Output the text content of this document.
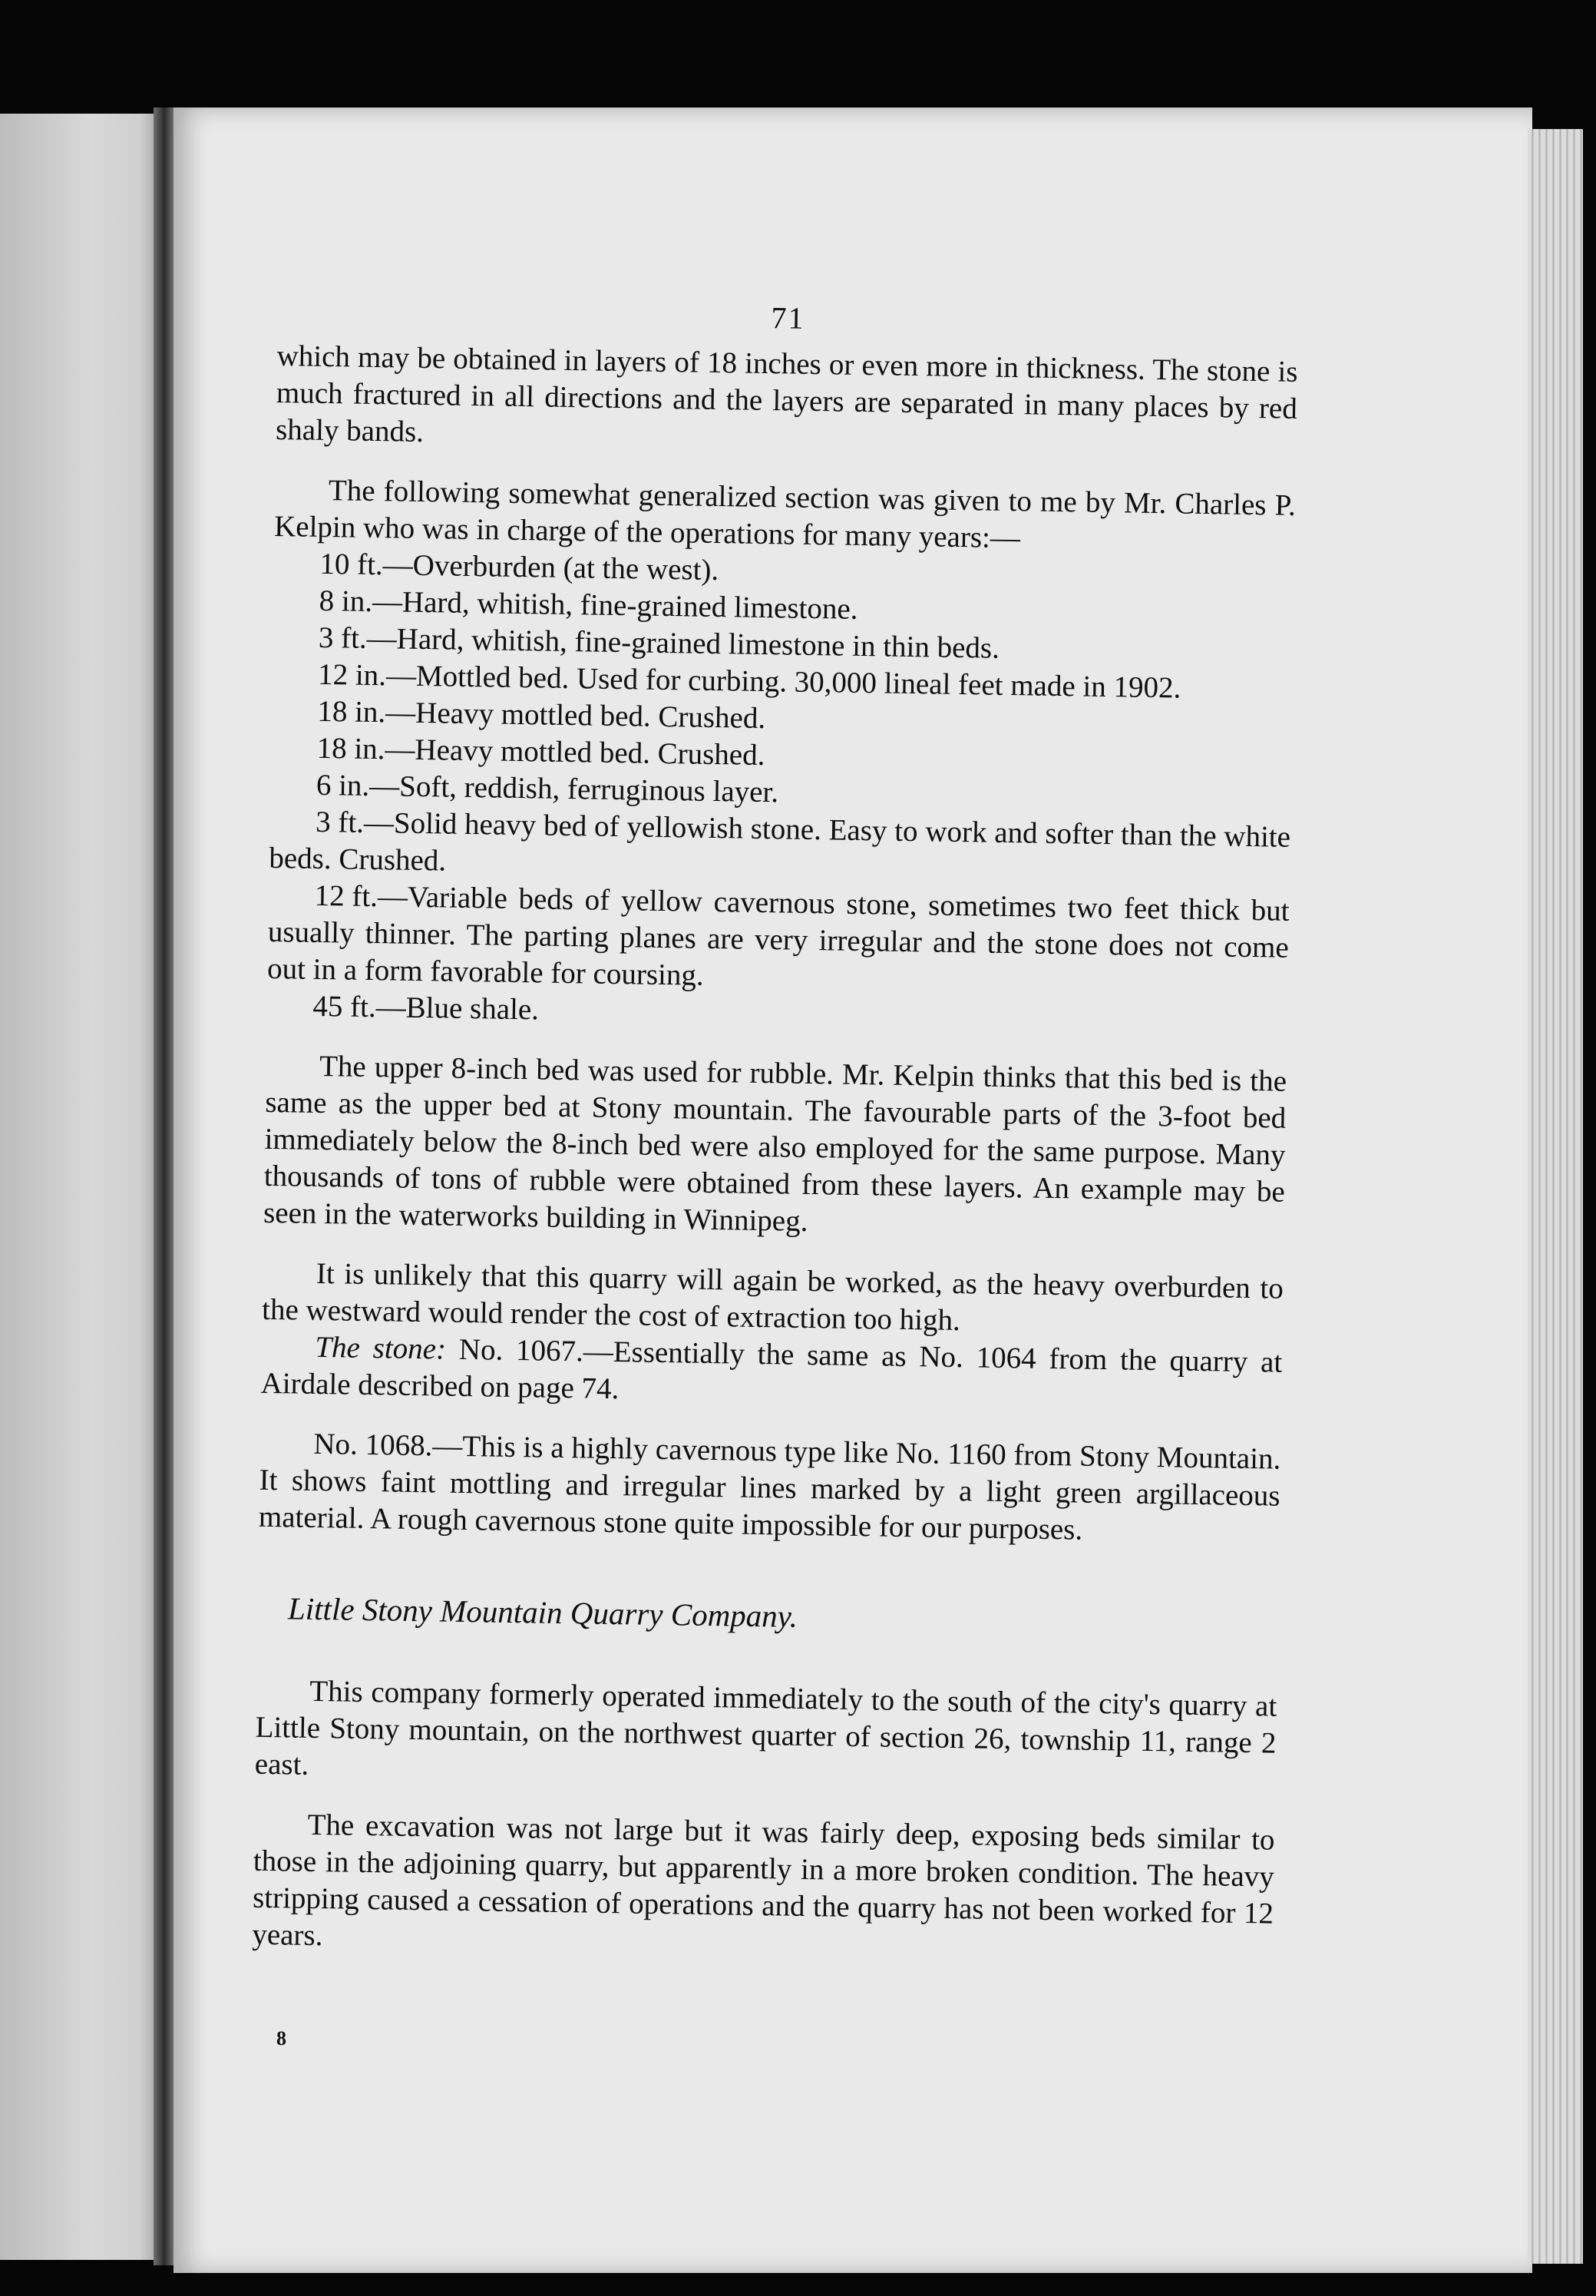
71

which may be obtained in layers of 18 inches or even more in thickness. The stone is much fractured in all directions and the layers are separated in many places by red shaly bands.

The following somewhat generalized section was given to me by Mr. Charles P. Kelpin who was in charge of the operations for many years:—

10 ft.—Overburden (at the west).

8 in.—Hard, whitish, fine-grained limestone.

3 ft.—Hard, whitish, fine-grained limestone in thin beds.

12 in.—Mottled bed. Used for curbing. 30,000 lineal feet made in 1902.

18 in.—Heavy mottled bed. Crushed.

18 in.—Heavy mottled bed. Crushed.

6 in.—Soft, reddish, ferruginous layer.

3 ft.—Solid heavy bed of yellowish stone. Easy to work and softer than the white beds. Crushed.

12 ft.—Variable beds of yellow cavernous stone, sometimes two feet thick but usually thinner. The parting planes are very irregular and the stone does not come out in a form favorable for coursing.

45 ft.—Blue shale.

The upper 8-inch bed was used for rubble. Mr. Kelpin thinks that this bed is the same as the upper bed at Stony mountain. The favourable parts of the 3-foot bed immediately below the 8-inch bed were also employed for the same purpose. Many thousands of tons of rubble were obtained from these layers. An example may be seen in the waterworks building in Winnipeg.

It is unlikely that this quarry will again be worked, as the heavy overburden to the westward would render the cost of extraction too high.

The stone: No. 1067.—Essentially the same as No. 1064 from the quarry at Airdale described on page 74.

No. 1068.—This is a highly cavernous type like No. 1160 from Stony Mountain. It shows faint mottling and irregular lines marked by a light green argillaceous material. A rough cavernous stone quite impossible for our purposes.

Little Stony Mountain Quarry Company.

This company formerly operated immediately to the south of the city's quarry at Little Stony mountain, on the northwest quarter of section 26, township 11, range 2 east.

The excavation was not large but it was fairly deep, exposing beds similar to those in the adjoining quarry, but apparently in a more broken condition. The heavy stripping caused a cessation of operations and the quarry has not been worked for 12 years.

8
